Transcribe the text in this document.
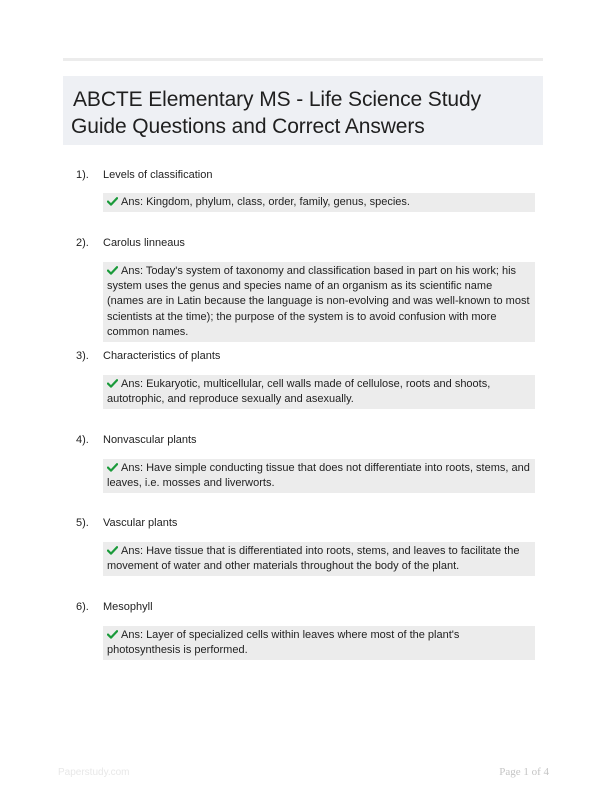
ABCTE Elementary MS - Life Science Study
Guide Questions and Correct Answers
1). Levels of classification
Ans: Kingdom, phylum, class, order, family, genus, species.
2). Carolus linneaus
Ans: Today's system of taxonomy and classification based in part on his work; his system uses the genus and species name of an organism as its scientific name (names are in Latin because the language is non-evolving and was well-known to most scientists at the time); the purpose of the system is to avoid confusion with more common names.
3). Characteristics of plants
Ans: Eukaryotic, multicellular, cell walls made of cellulose, roots and shoots, autotrophic, and reproduce sexually and asexually.
4). Nonvascular plants
Ans: Have simple conducting tissue that does not differentiate into roots, stems, and leaves, i.e. mosses and liverworts.
5). Vascular plants
Ans: Have tissue that is differentiated into roots, stems, and leaves to facilitate the movement of water and other materials throughout the body of the plant.
6). Mesophyll
Ans: Layer of specialized cells within leaves where most of the plant's photosynthesis is performed.
Paperstudy.com	Page 1 of 4
